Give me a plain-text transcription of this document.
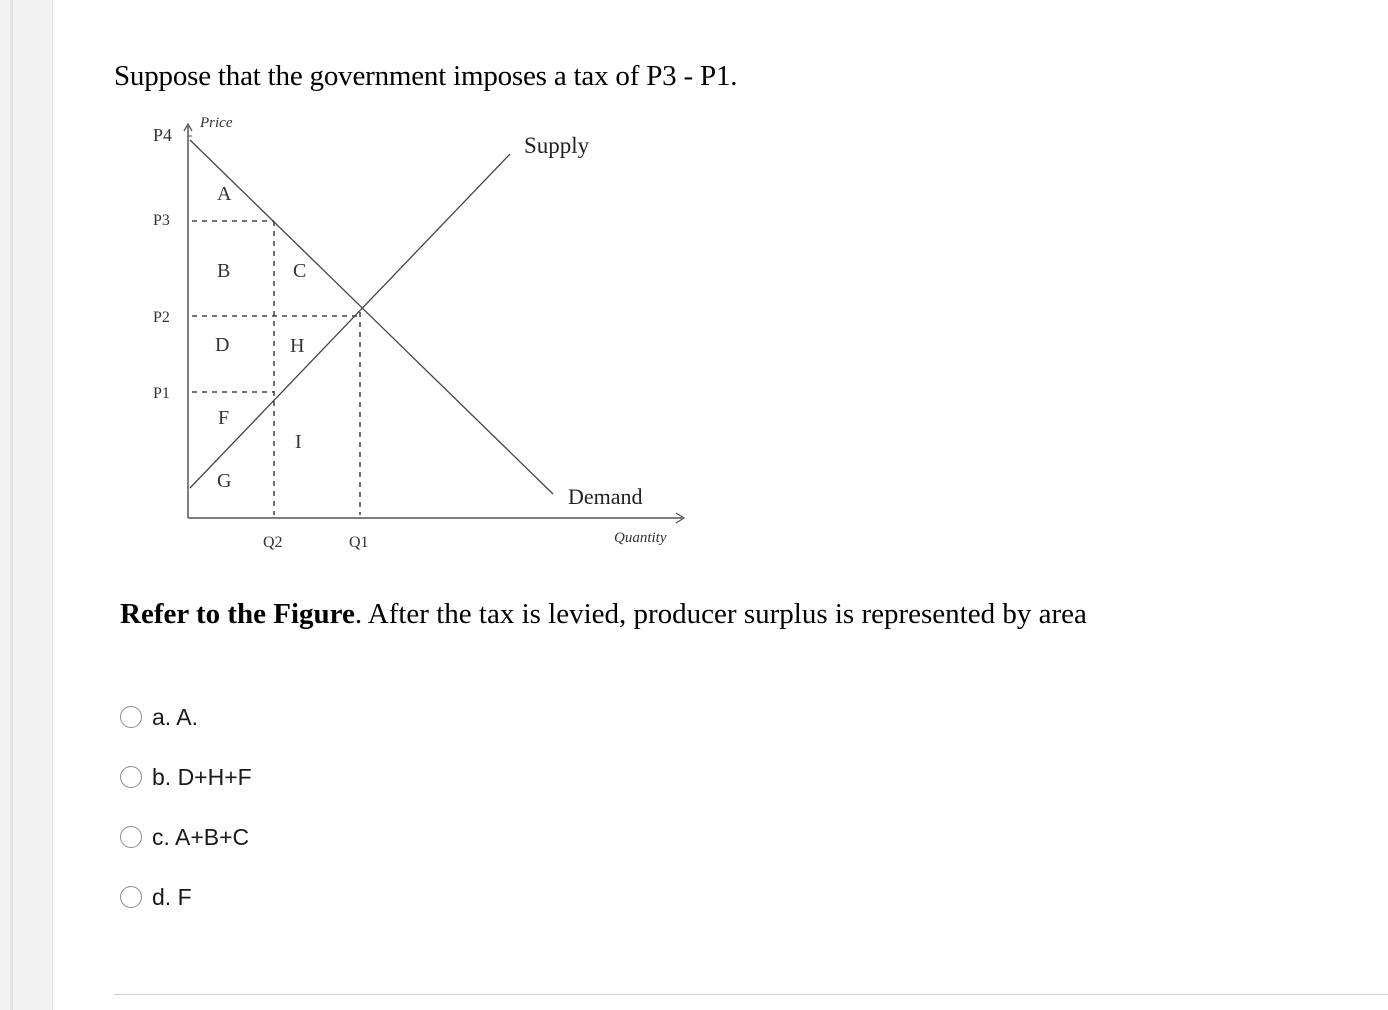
Suppose that the government imposes a tax of P3 - P1.
Price
Quantity
P4
P3
P2
P1
Q2	Q1
Supply
Demand
A
B	C
D	H
F
I
G
Refer to the Figure. After the tax is levied, producer surplus is represented by area
a. A.
b. D+H+F
c. A+B+C
d. F
